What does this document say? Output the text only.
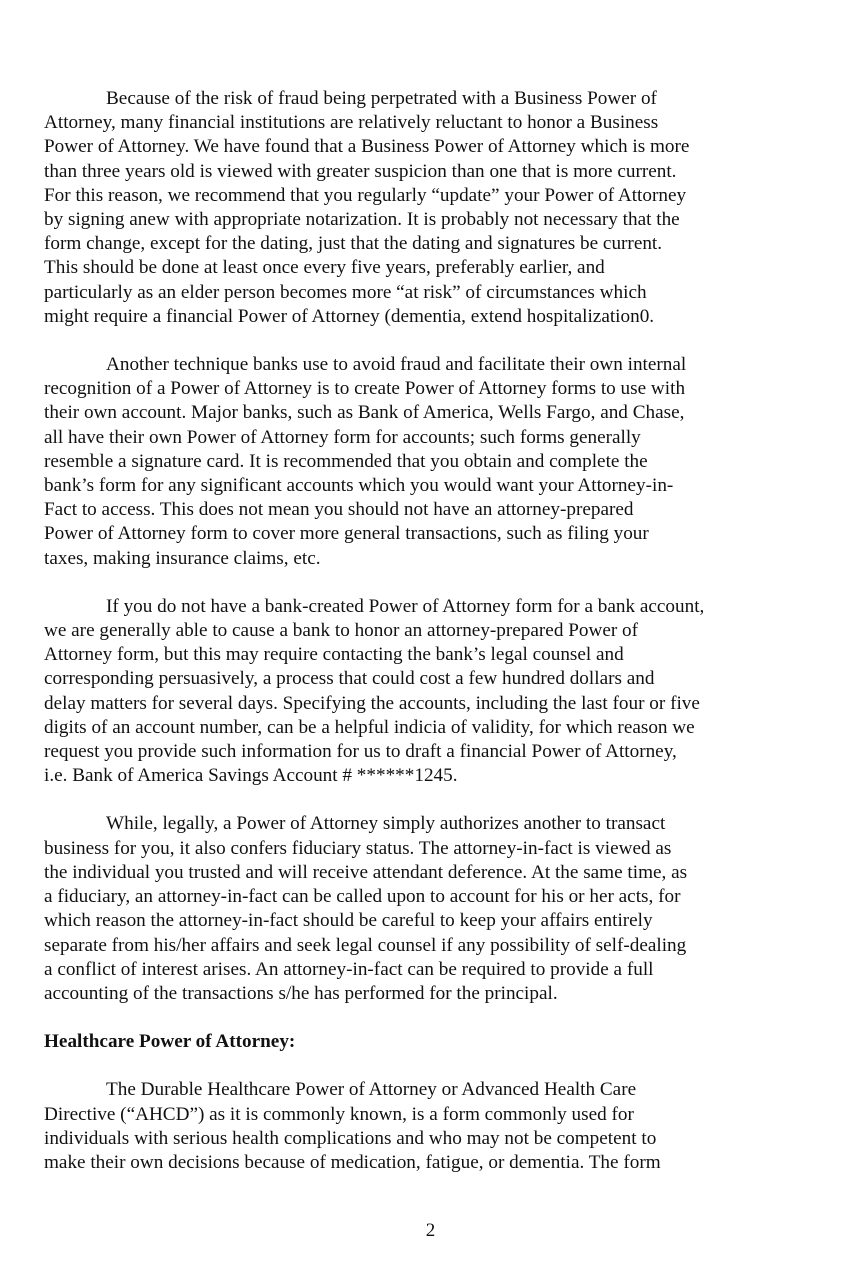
Because of the risk of fraud being perpetrated with a Business Power of
Attorney, many financial institutions are relatively reluctant to honor a Business
Power of Attorney. We have found that a Business Power of Attorney which is more
than three years old is viewed with greater suspicion than one that is more current.
For this reason, we recommend that you regularly “update” your Power of Attorney
by signing anew with appropriate notarization. It is probably not necessary that the
form change, except for the dating, just that the dating and signatures be current.
This should be done at least once every five years, preferably earlier, and
particularly as an elder person becomes more “at risk” of circumstances which
might require a financial Power of Attorney (dementia, extend hospitalization0.

Another technique banks use to avoid fraud and facilitate their own internal
recognition of a Power of Attorney is to create Power of Attorney forms to use with
their own account. Major banks, such as Bank of America, Wells Fargo, and Chase,
all have their own Power of Attorney form for accounts; such forms generally
resemble a signature card. It is recommended that you obtain and complete the
bank’s form for any significant accounts which you would want your Attorney-in-
Fact to access. This does not mean you should not have an attorney-prepared
Power of Attorney form to cover more general transactions, such as filing your
taxes, making insurance claims, etc.

If you do not have a bank-created Power of Attorney form for a bank account,
we are generally able to cause a bank to honor an attorney-prepared Power of
Attorney form, but this may require contacting the bank’s legal counsel and
corresponding persuasively, a process that could cost a few hundred dollars and
delay matters for several days. Specifying the accounts, including the last four or five
digits of an account number, can be a helpful indicia of validity, for which reason we
request you provide such information for us to draft a financial Power of Attorney,
i.e. Bank of America Savings Account # ******1245.

While, legally, a Power of Attorney simply authorizes another to transact
business for you, it also confers fiduciary status. The attorney-in-fact is viewed as
the individual you trusted and will receive attendant deference. At the same time, as
a fiduciary, an attorney-in-fact can be called upon to account for his or her acts, for
which reason the attorney-in-fact should be careful to keep your affairs entirely
separate from his/her affairs and seek legal counsel if any possibility of self-dealing
a conflict of interest arises. An attorney-in-fact can be required to provide a full
accounting of the transactions s/he has performed for the principal.

Healthcare Power of Attorney:

The Durable Healthcare Power of Attorney or Advanced Health Care
Directive (“AHCD”) as it is commonly known, is a form commonly used for
individuals with serious health complications and who may not be competent to
make their own decisions because of medication, fatigue, or dementia. The form

2
